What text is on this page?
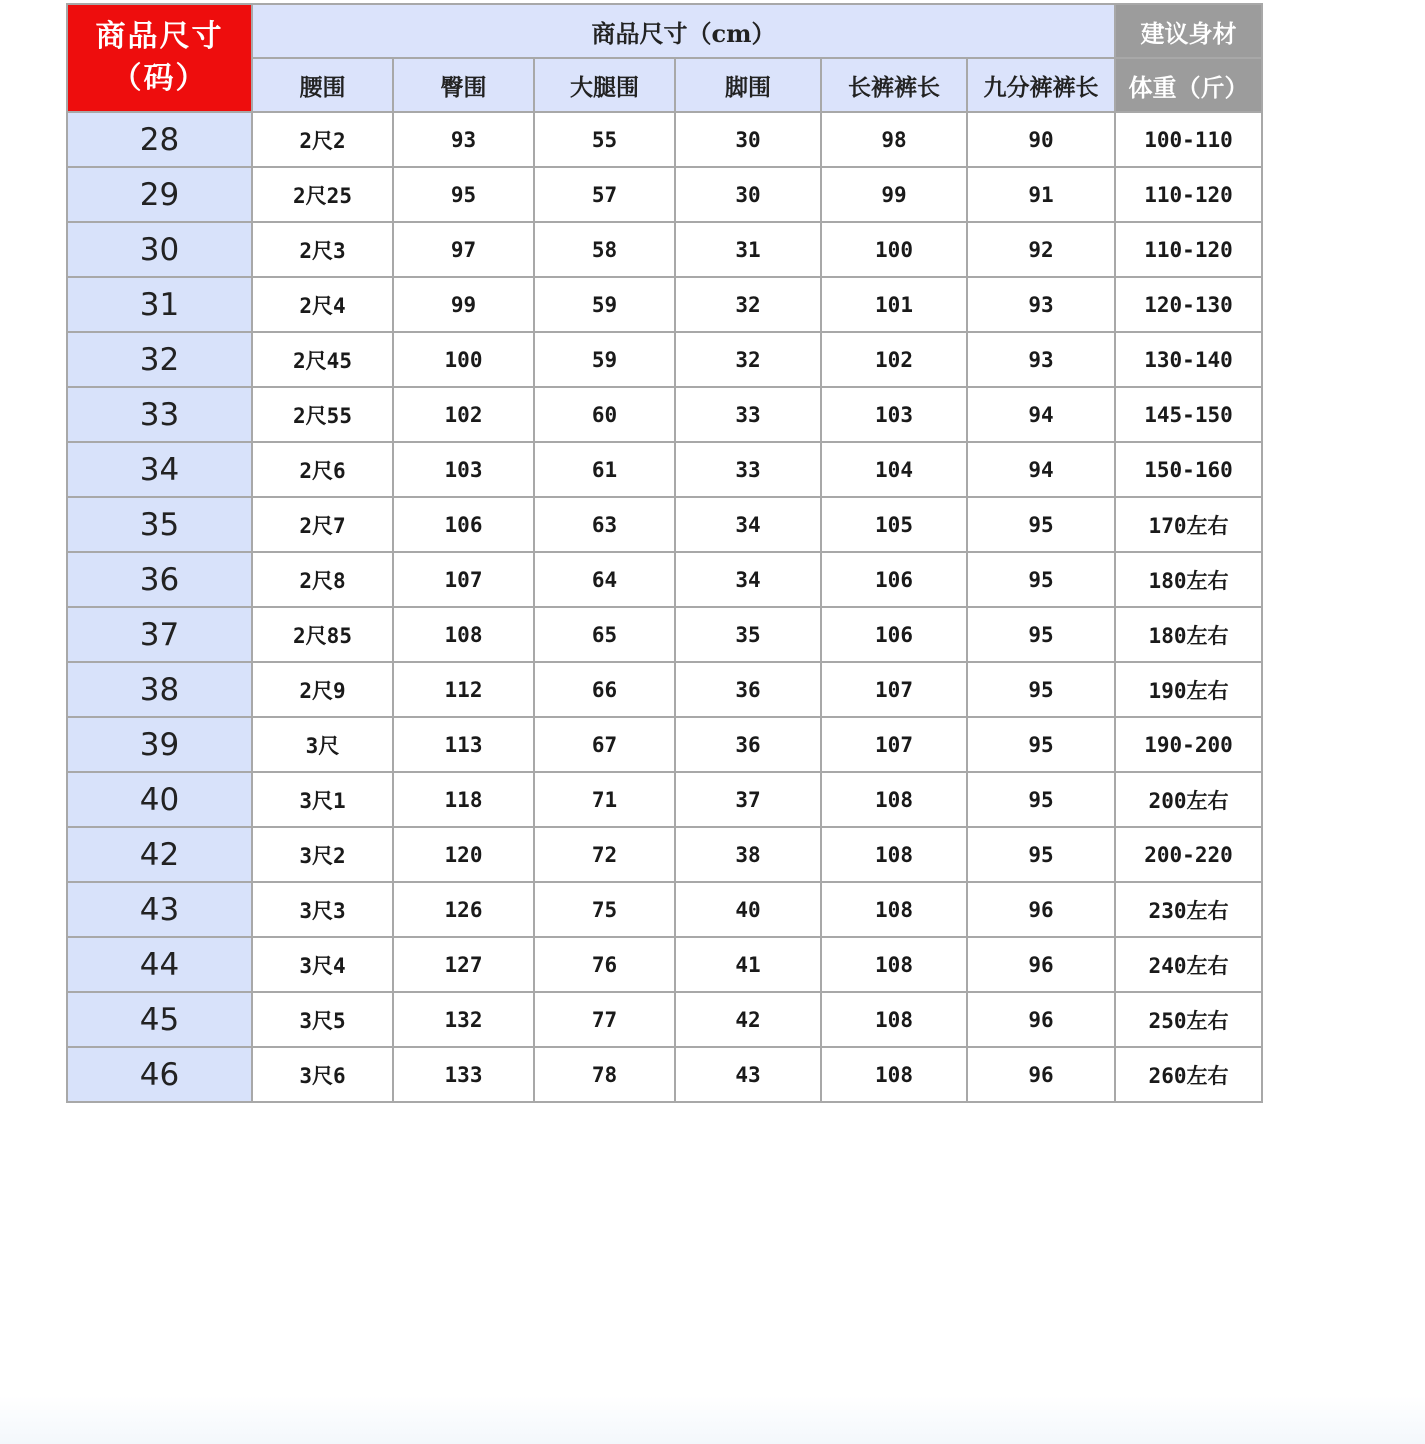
商品尺寸
（码）	商品尺寸（cm）						建议身材
	腰围	臀围	大腿围	脚围	长裤裤长	九分裤裤长	体重（斤）
28	2尺2	93	55	30	98	90	100-110
29	2尺25	95	57	30	99	91	110-120
30	2尺3	97	58	31	100	92	110-120
31	2尺4	99	59	32	101	93	120-130
32	2尺45	100	59	32	102	93	130-140
33	2尺55	102	60	33	103	94	145-150
34	2尺6	103	61	33	104	94	150-160
35	2尺7	106	63	34	105	95	170左右
36	2尺8	107	64	34	106	95	180左右
37	2尺85	108	65	35	106	95	180左右
38	2尺9	112	66	36	107	95	190左右
39	3尺	113	67	36	107	95	190-200
40	3尺1	118	71	37	108	95	200左右
42	3尺2	120	72	38	108	95	200-220
43	3尺3	126	75	40	108	96	230左右
44	3尺4	127	76	41	108	96	240左右
45	3尺5	132	77	42	108	96	250左右
46	3尺6	133	78	43	108	96	260左右
